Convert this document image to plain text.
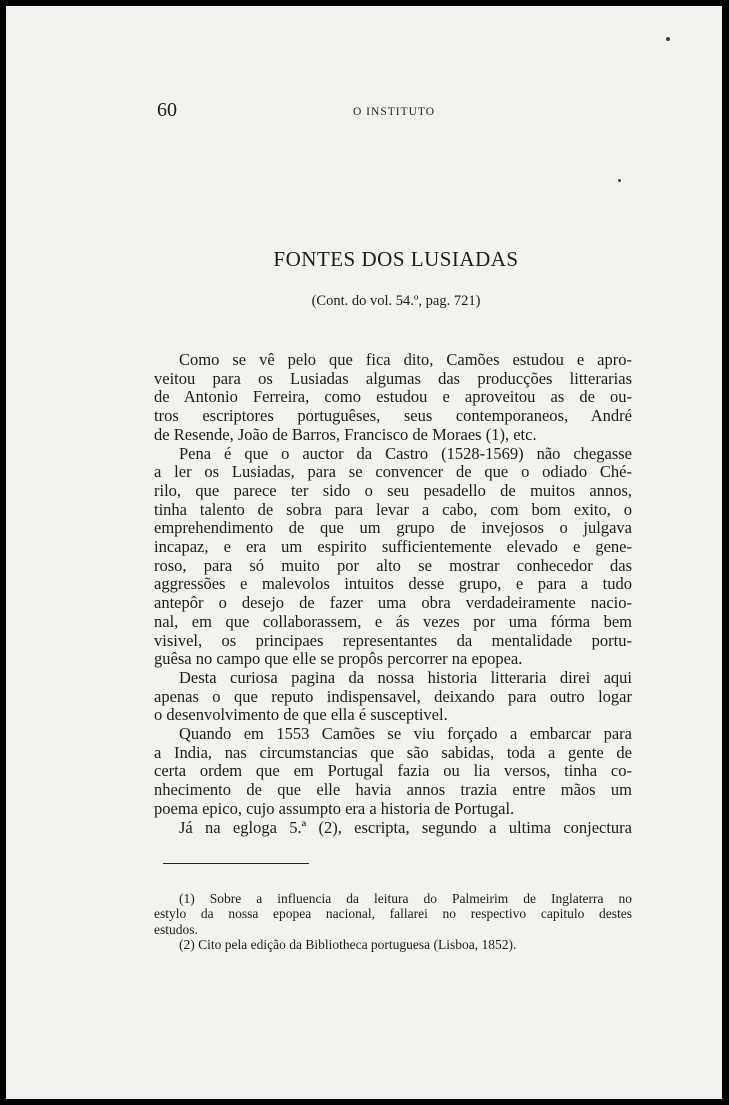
60	O INSTITUTO
FONTES DOS LUSIADAS
(Cont. do vol. 54.º, pag. 721)
Como se vê pelo que fica dito, Camões estudou e apro-
veitou para os Lusiadas algumas das producções litterarias
de Antonio Ferreira, como estudou e aproveitou as de ou-
tros escriptores portuguêses, seus contemporaneos, André
de Resende, João de Barros, Francisco de Moraes (1), etc.
Pena é que o auctor da Castro (1528-1569) não chegasse
a ler os Lusiadas, para se convencer de que o odiado Ché-
rilo, que parece ter sido o seu pesadello de muitos annos,
tinha talento de sobra para levar a cabo, com bom exito, o
emprehendimento de que um grupo de invejosos o julgava
incapaz, e era um espirito sufficientemente elevado e gene-
roso, para só muito por alto se mostrar conhecedor das
aggressões e malevolos intuitos desse grupo, e para a tudo
antepôr o desejo de fazer uma obra verdadeiramente nacio-
nal, em que collaborassem, e ás vezes por uma fórma bem
visivel, os principaes representantes da mentalidade portu-
guêsa no campo que elle se propôs percorrer na epopea.
Desta curiosa pagina da nossa historia litteraria direi aqui
apenas o que reputo indispensavel, deixando para outro logar
o desenvolvimento de que ella é susceptivel.
Quando em 1553 Camões se viu forçado a embarcar para
a India, nas circumstancias que são sabidas, toda a gente de
certa ordem que em Portugal fazia ou lia versos, tinha co-
nhecimento de que elle havia annos trazia entre mãos um
poema epico, cujo assumpto era a historia de Portugal.
Já na egloga 5.ª (2), escripta, segundo a ultima conjectura
(1) Sobre a influencia da leitura do Palmeirim de Inglaterra no
estylo da nossa epopea nacional, fallarei no respectivo capitulo destes
estudos.
(2) Cito pela edição da Bibliotheca portuguesa (Lisboa, 1852).
